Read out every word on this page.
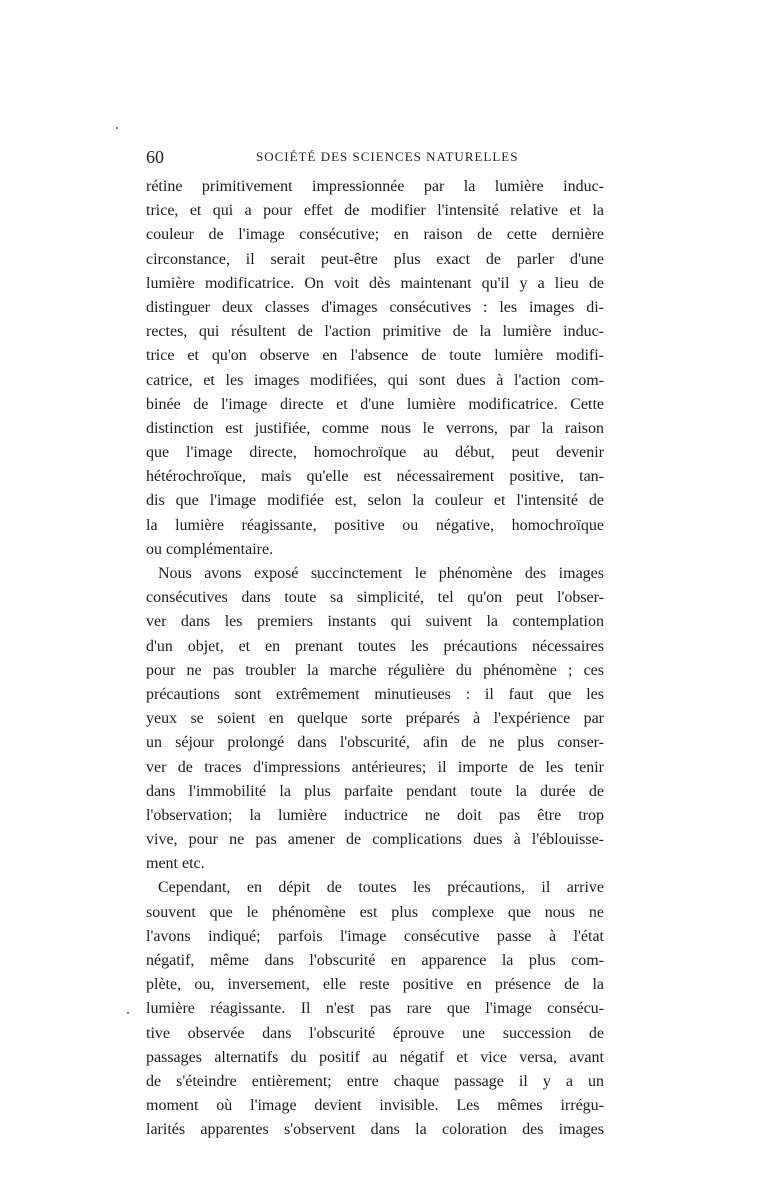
60	SOCIÉTÉ DES SCIENCES NATURELLES
rétine primitivement impressionnée par la lumière induc-
trice, et qui a pour effet de modifier l'intensité relative et la
couleur de l'image consécutive; en raison de cette dernière
circonstance, il serait peut-être plus exact de parler d'une
lumière modificatrice. On voit dès maintenant qu'il y a lieu de
distinguer deux classes d'images consécutives : les images di-
rectes, qui résultent de l'action primitive de la lumière induc-
trice et qu'on observe en l'absence de toute lumière modifi-
catrice, et les images modifiées, qui sont dues à l'action com-
binée de l'image directe et d'une lumière modificatrice. Cette
distinction est justifiée, comme nous le verrons, par la raison
que l'image directe, homochroïque au début, peut devenir
hétérochroïque, mais qu'elle est nécessairement positive, tan-
dis que l'image modifiée est, selon la couleur et l'intensité de
la lumière réagissante, positive ou négative, homochroïque
ou complémentaire.
Nous avons exposé succinctement le phénomène des images
consécutives dans toute sa simplicité, tel qu'on peut l'obser-
ver dans les premiers instants qui suivent la contemplation
d'un objet, et en prenant toutes les précautions nécessaires
pour ne pas troubler la marche régulière du phénomène ; ces
précautions sont extrêmement minutieuses : il faut que les
yeux se soient en quelque sorte préparés à l'expérience par
un séjour prolongé dans l'obscurité, afin de ne plus conser-
ver de traces d'impressions antérieures; il importe de les tenir
dans l'immobilité la plus parfaite pendant toute la durée de
l'observation; la lumière inductrice ne doit pas être trop
vive, pour ne pas amener de complications dues à l'éblouisse-
ment etc.
Cependant, en dépit de toutes les précautions, il arrive
souvent que le phénomène est plus complexe que nous ne
l'avons indiqué; parfois l'image consécutive passe à l'état
négatif, même dans l'obscurité en apparence la plus com-
plète, ou, inversement, elle reste positive en présence de la
lumière réagissante. Il n'est pas rare que l'image consécu-
tive observée dans l'obscurité éprouve une succession de
passages alternatifs du positif au négatif et vice versa, avant
de s'éteindre entièrement; entre chaque passage il y a un
moment où l'image devient invisible. Les mêmes irrégu-
larités apparentes s'observent dans la coloration des images
